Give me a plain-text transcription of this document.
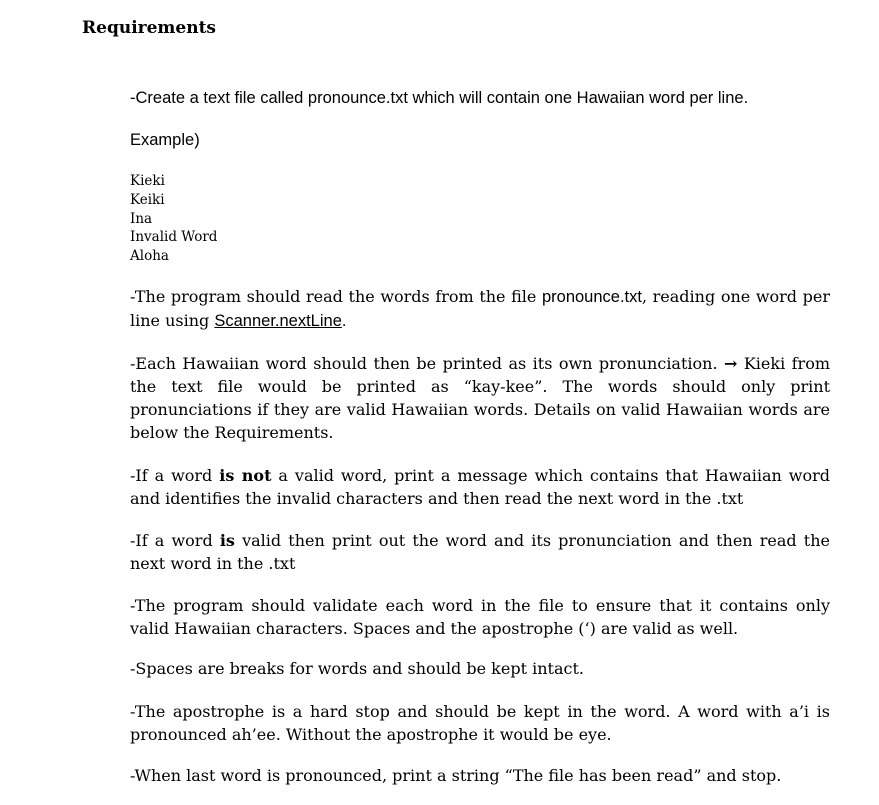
Requirements

-Create a text file called pronounce.txt which will contain one Hawaiian word per line.

Example)

Kieki
Keiki
Ina
Invalid Word
Aloha

-The program should read the words from the file pronounce.txt, reading one word per line using Scanner.nextLine.

-Each Hawaiian word should then be printed as its own pronunciation. → Kieki from the text file would be printed as “kay-kee”. The words should only print pronunciations if they are valid Hawaiian words. Details on valid Hawaiian words are below the Requirements.

-If a word is not a valid word, print a message which contains that Hawaiian word and identifies the invalid characters and then read the next word in the .txt

-If a word is valid then print out the word and its pronunciation and then read the next word in the .txt

-The program should validate each word in the file to ensure that it contains only valid Hawaiian characters. Spaces and the apostrophe (‘) are valid as well.

-Spaces are breaks for words and should be kept intact.

-The apostrophe is a hard stop and should be kept in the word. A word with a’i is pronounced ah’ee. Without the apostrophe it would be eye.

-When last word is pronounced, print a string “The file has been read” and stop.
